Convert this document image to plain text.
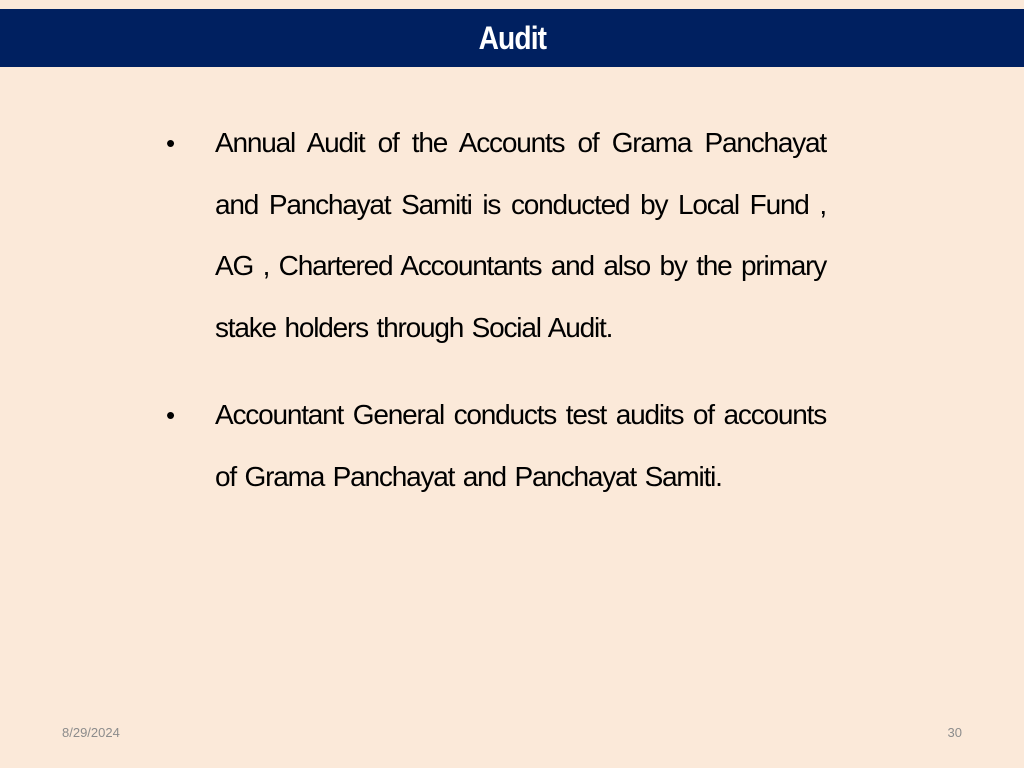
Audit
•	Annual Audit of the Accounts of Grama Panchayat and Panchayat Samiti is conducted by Local Fund , AG , Chartered Accountants and also by the primary stake holders through Social Audit.
•	Accountant General conducts test audits of accounts of Grama Panchayat and Panchayat Samiti.
8/29/2024	30
